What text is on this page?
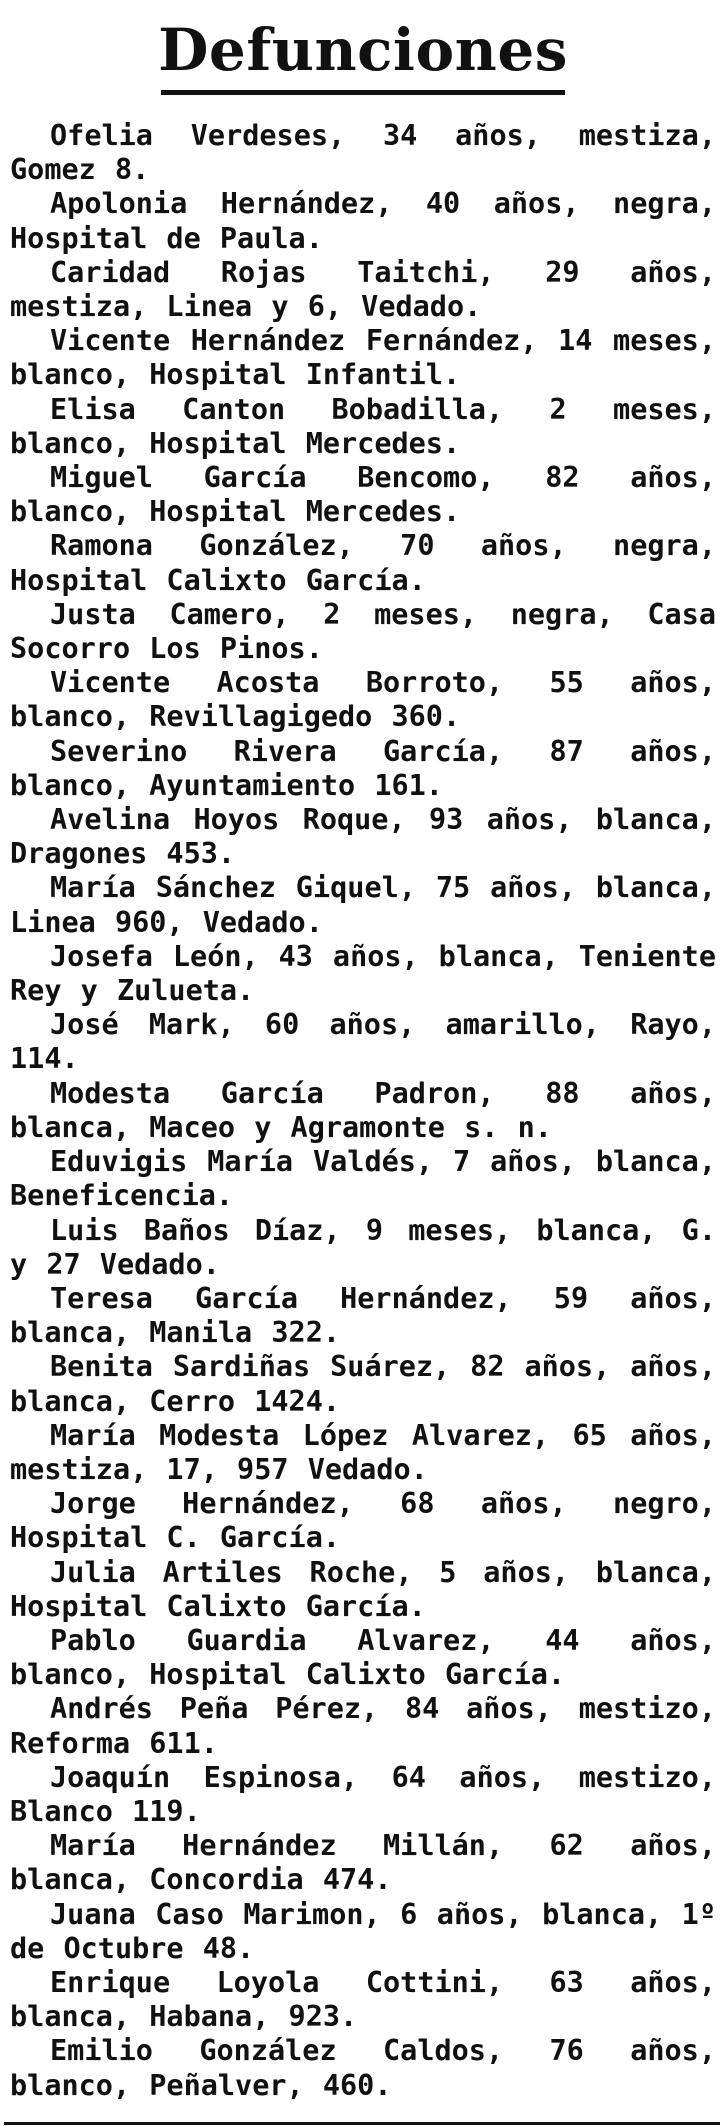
Defunciones

Ofelia Verdeses, 34 años, mestiza, Gomez 8.

Apolonia Hernández, 40 años, negra, Hospital de Paula.

Caridad Rojas Taitchi, 29 años, mestiza, Linea y 6, Vedado.

Vicente Hernández Fernández, 14 meses, blanco, Hospital Infantil.

Elisa Canton Bobadilla, 2 meses, blanco, Hospital Mercedes.

Miguel García Bencomo, 82 años, blanco, Hospital Mercedes.

Ramona González, 70 años, negra, Hospital Calixto García.

Justa Camero, 2 meses, negra, Casa Socorro Los Pinos.

Vicente Acosta Borroto, 55 años, blanco, Revillagigedo 360.

Severino Rivera García, 87 años, blanco, Ayuntamiento 161.

Avelina Hoyos Roque, 93 años, blanca, Dragones 453.

María Sánchez Giquel, 75 años, blanca, Linea 960, Vedado.

Josefa León, 43 años, blanca, Teniente Rey y Zulueta.

José Mark, 60 años, amarillo, Rayo, 114.

Modesta García Padron, 88 años, blanca, Maceo y Agramonte s. n.

Eduvigis María Valdés, 7 años, blanca, Beneficencia.

Luis Baños Díaz, 9 meses, blanca, G. y 27 Vedado.

Teresa García Hernández, 59 años, blanca, Manila 322.

Benita Sardiñas Suárez, 82 años, años, blanca, Cerro 1424.

María Modesta López Alvarez, 65 años, mestiza, 17, 957 Vedado.

Jorge Hernández, 68 años, negro, Hospital C. García.

Julia Artiles Roche, 5 años, blanca, Hospital Calixto García.

Pablo Guardia Alvarez, 44 años, blanco, Hospital Calixto García.

Andrés Peña Pérez, 84 años, mestizo, Reforma 611.

Joaquín Espinosa, 64 años, mestizo, Blanco 119.

María Hernández Millán, 62 años, blanca, Concordia 474.

Juana Caso Marimon, 6 años, blanca, 1º de Octubre 48.

Enrique Loyola Cottini, 63 años, blanca, Habana, 923.

Emilio González Caldos, 76 años, blanco, Peñalver, 460.
